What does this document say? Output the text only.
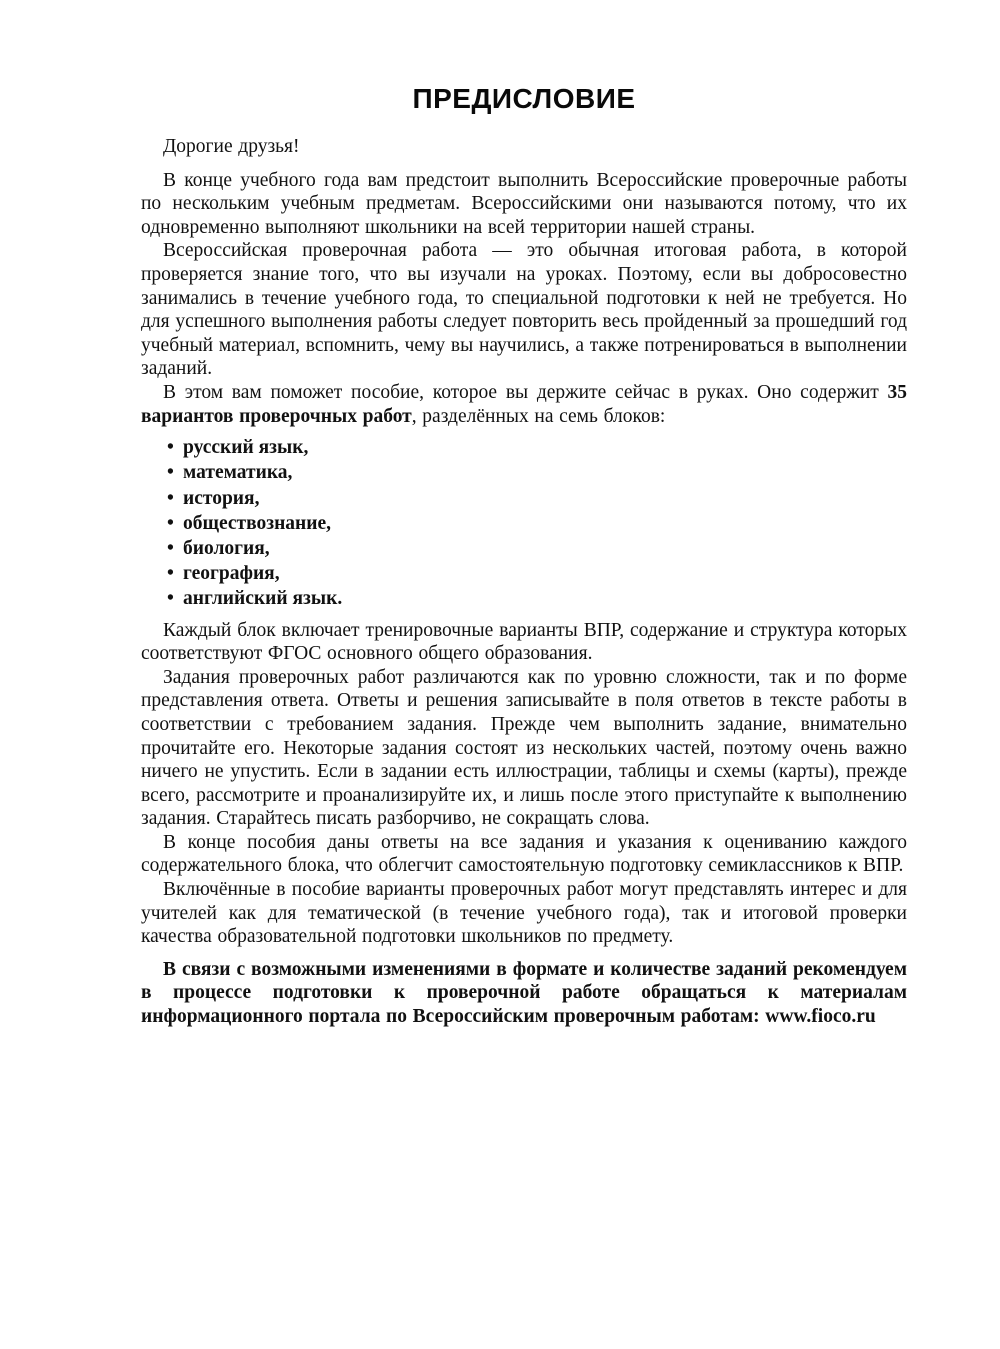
ПРЕДИСЛОВИЕ

Дорогие друзья!

В конце учебного года вам предстоит выполнить Всероссийские проверочные работы по нескольким учебным предметам. Всероссийскими они называются потому, что их одновременно выполняют школьники на всей территории нашей страны.

Всероссийская проверочная работа — это обычная итоговая работа, в которой проверяется знание того, что вы изучали на уроках. Поэтому, если вы добросовестно занимались в течение учебного года, то специальной подготовки к ней не требуется. Но для успешного выполнения работы следует повторить весь пройденный за прошедший год учебный материал, вспомнить, чему вы научились, а также потренироваться в выполнении заданий.

В этом вам поможет пособие, которое вы держите сейчас в руках. Оно содержит 35 вариантов проверочных работ, разделённых на семь блоков:

• русский язык,
• математика,
• история,
• обществознание,
• биология,
• география,
• английский язык.

Каждый блок включает тренировочные варианты ВПР, содержание и структура которых соответствуют ФГОС основного общего образования.

Задания проверочных работ различаются как по уровню сложности, так и по форме представления ответа. Ответы и решения записывайте в поля ответов в тексте работы в соответствии с требованием задания. Прежде чем выполнить задание, внимательно прочитайте его. Некоторые задания состоят из нескольких частей, поэтому очень важно ничего не упустить. Если в задании есть иллюстрации, таблицы и схемы (карты), прежде всего, рассмотрите и проанализируйте их, и лишь после этого приступайте к выполнению задания. Старайтесь писать разборчиво, не сокращать слова.

В конце пособия даны ответы на все задания и указания к оцениванию каждого содержательного блока, что облегчит самостоятельную подготовку семиклассников к ВПР.

Включённые в пособие варианты проверочных работ могут представлять интерес и для учителей как для тематической (в течение учебного года), так и итоговой проверки качества образовательной подготовки школьников по предмету.

В связи с возможными изменениями в формате и количестве заданий рекомендуем в процессе подготовки к проверочной работе обращаться к материалам информационного портала по Всероссийским проверочным работам: www.fioco.ru
